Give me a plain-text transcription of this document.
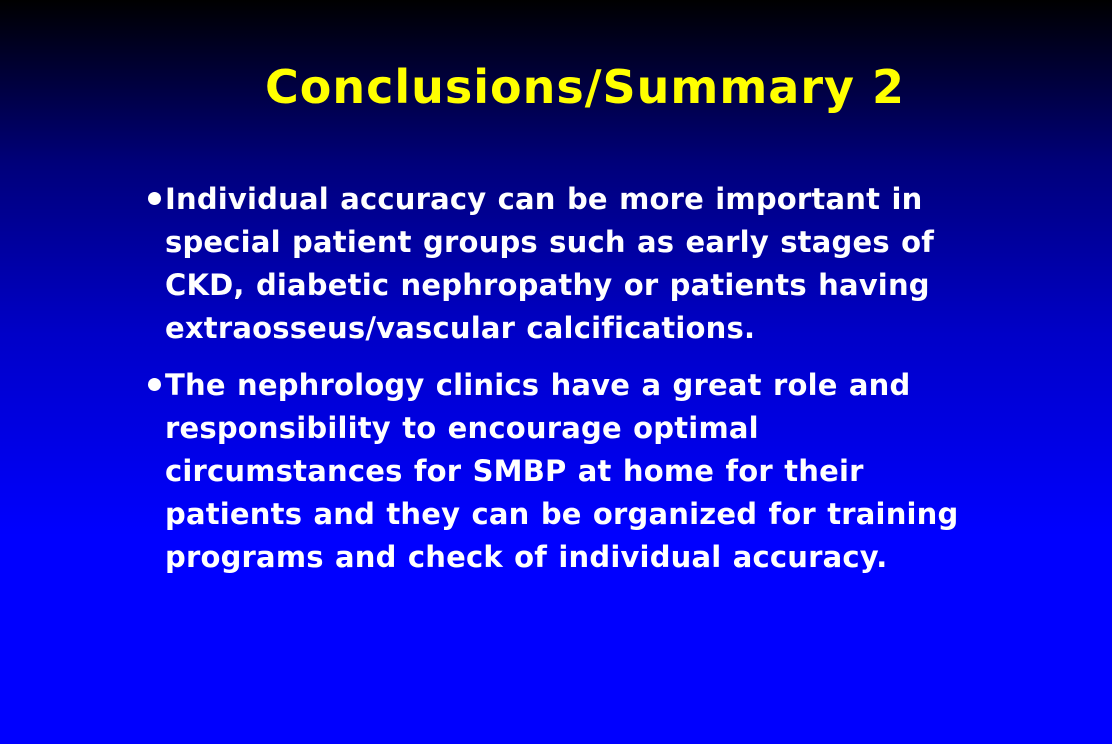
Conclusions/Summary 2
Individual accuracy can be more important in
special patient groups such as early stages of
CKD, diabetic nephropathy or patients having
extraosseus/vascular calcifications.
The nephrology clinics have a great role and
responsibility to encourage optimal
circumstances for SMBP at home for their
patients and they can be organized for training
programs and check of individual accuracy.
